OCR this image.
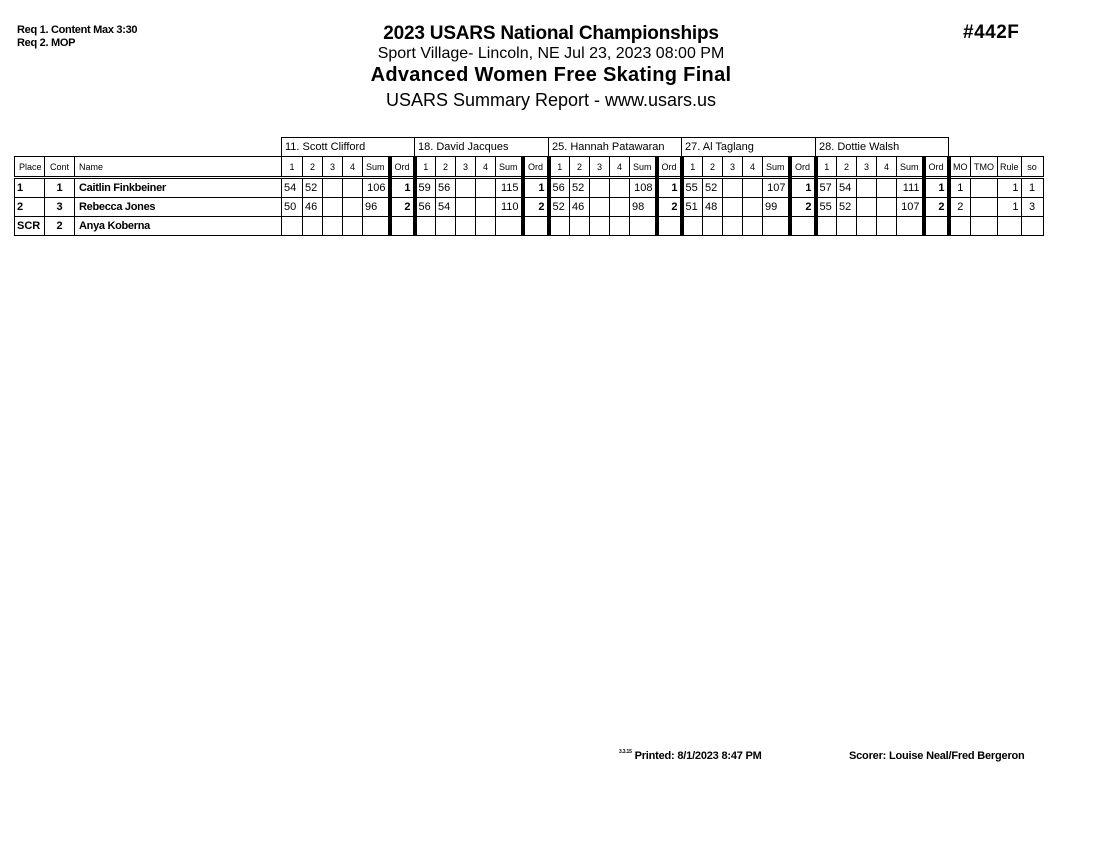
Req 1. Content Max 3:30
Req 2. MOP	#442F
2023 USARS National Championships
Sport Village- Lincoln, NE Jul 23, 2023 08:00 PM
Advanced Women Free Skating Final
USARS Summary Report - www.usars.us
			11. Scott Clifford						18. David Jacques						25. Hannah Patawaran						27. Al Taglang						28. Dottie Walsh									
Place	Cont	Name	1	2	3	4	Sum	Ord	1	2	3	4	Sum	Ord	1	2	3	4	Sum	Ord	1	2	3	4	Sum	Ord	1	2	3	4	Sum	Ord	MO	TMO	Rule	so
1	1	Caitlin Finkbeiner	54	52			106	1	59	56			115	1	56	52			108	1	55	52			107	1	57	54			111	1	1		1	1
2	3	Rebecca Jones	50	46			96	2	56	54			110	2	52	46			98	2	51	48			99	2	55	52			107	2	2		1	3
SCR	2	Anya Koberna																																		
$^{3.3.15}$ Printed: 8/1/2023 8:47 PM	Scorer: Louise Neal/Fred Bergeron
